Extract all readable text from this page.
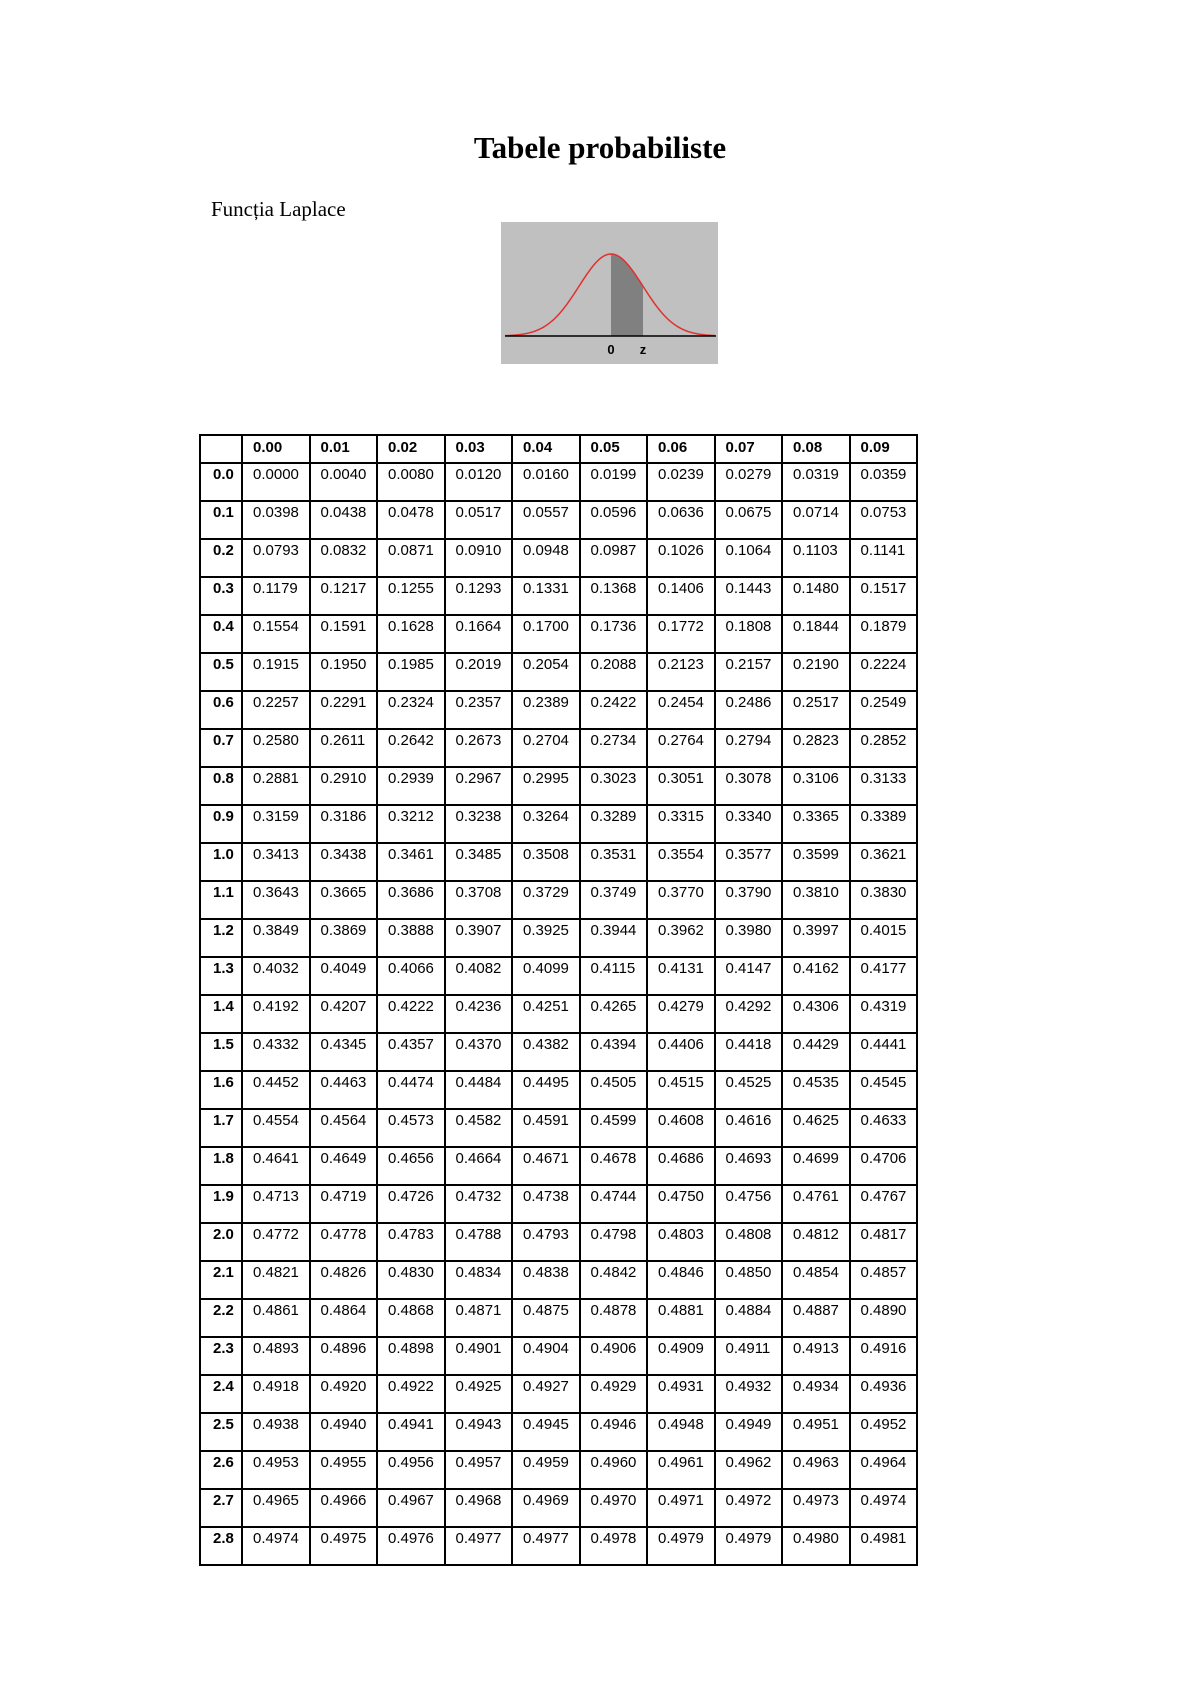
Tabele probabiliste
Funcția Laplace
0 z
	0.00	0.01	0.02	0.03	0.04	0.05	0.06	0.07	0.08	0.09
0.0	0.0000	0.0040	0.0080	0.0120	0.0160	0.0199	0.0239	0.0279	0.0319	0.0359
0.1	0.0398	0.0438	0.0478	0.0517	0.0557	0.0596	0.0636	0.0675	0.0714	0.0753
0.2	0.0793	0.0832	0.0871	0.0910	0.0948	0.0987	0.1026	0.1064	0.1103	0.1141
0.3	0.1179	0.1217	0.1255	0.1293	0.1331	0.1368	0.1406	0.1443	0.1480	0.1517
0.4	0.1554	0.1591	0.1628	0.1664	0.1700	0.1736	0.1772	0.1808	0.1844	0.1879
0.5	0.1915	0.1950	0.1985	0.2019	0.2054	0.2088	0.2123	0.2157	0.2190	0.2224
0.6	0.2257	0.2291	0.2324	0.2357	0.2389	0.2422	0.2454	0.2486	0.2517	0.2549
0.7	0.2580	0.2611	0.2642	0.2673	0.2704	0.2734	0.2764	0.2794	0.2823	0.2852
0.8	0.2881	0.2910	0.2939	0.2967	0.2995	0.3023	0.3051	0.3078	0.3106	0.3133
0.9	0.3159	0.3186	0.3212	0.3238	0.3264	0.3289	0.3315	0.3340	0.3365	0.3389
1.0	0.3413	0.3438	0.3461	0.3485	0.3508	0.3531	0.3554	0.3577	0.3599	0.3621
1.1	0.3643	0.3665	0.3686	0.3708	0.3729	0.3749	0.3770	0.3790	0.3810	0.3830
1.2	0.3849	0.3869	0.3888	0.3907	0.3925	0.3944	0.3962	0.3980	0.3997	0.4015
1.3	0.4032	0.4049	0.4066	0.4082	0.4099	0.4115	0.4131	0.4147	0.4162	0.4177
1.4	0.4192	0.4207	0.4222	0.4236	0.4251	0.4265	0.4279	0.4292	0.4306	0.4319
1.5	0.4332	0.4345	0.4357	0.4370	0.4382	0.4394	0.4406	0.4418	0.4429	0.4441
1.6	0.4452	0.4463	0.4474	0.4484	0.4495	0.4505	0.4515	0.4525	0.4535	0.4545
1.7	0.4554	0.4564	0.4573	0.4582	0.4591	0.4599	0.4608	0.4616	0.4625	0.4633
1.8	0.4641	0.4649	0.4656	0.4664	0.4671	0.4678	0.4686	0.4693	0.4699	0.4706
1.9	0.4713	0.4719	0.4726	0.4732	0.4738	0.4744	0.4750	0.4756	0.4761	0.4767
2.0	0.4772	0.4778	0.4783	0.4788	0.4793	0.4798	0.4803	0.4808	0.4812	0.4817
2.1	0.4821	0.4826	0.4830	0.4834	0.4838	0.4842	0.4846	0.4850	0.4854	0.4857
2.2	0.4861	0.4864	0.4868	0.4871	0.4875	0.4878	0.4881	0.4884	0.4887	0.4890
2.3	0.4893	0.4896	0.4898	0.4901	0.4904	0.4906	0.4909	0.4911	0.4913	0.4916
2.4	0.4918	0.4920	0.4922	0.4925	0.4927	0.4929	0.4931	0.4932	0.4934	0.4936
2.5	0.4938	0.4940	0.4941	0.4943	0.4945	0.4946	0.4948	0.4949	0.4951	0.4952
2.6	0.4953	0.4955	0.4956	0.4957	0.4959	0.4960	0.4961	0.4962	0.4963	0.4964
2.7	0.4965	0.4966	0.4967	0.4968	0.4969	0.4970	0.4971	0.4972	0.4973	0.4974
2.8	0.4974	0.4975	0.4976	0.4977	0.4977	0.4978	0.4979	0.4979	0.4980	0.4981
